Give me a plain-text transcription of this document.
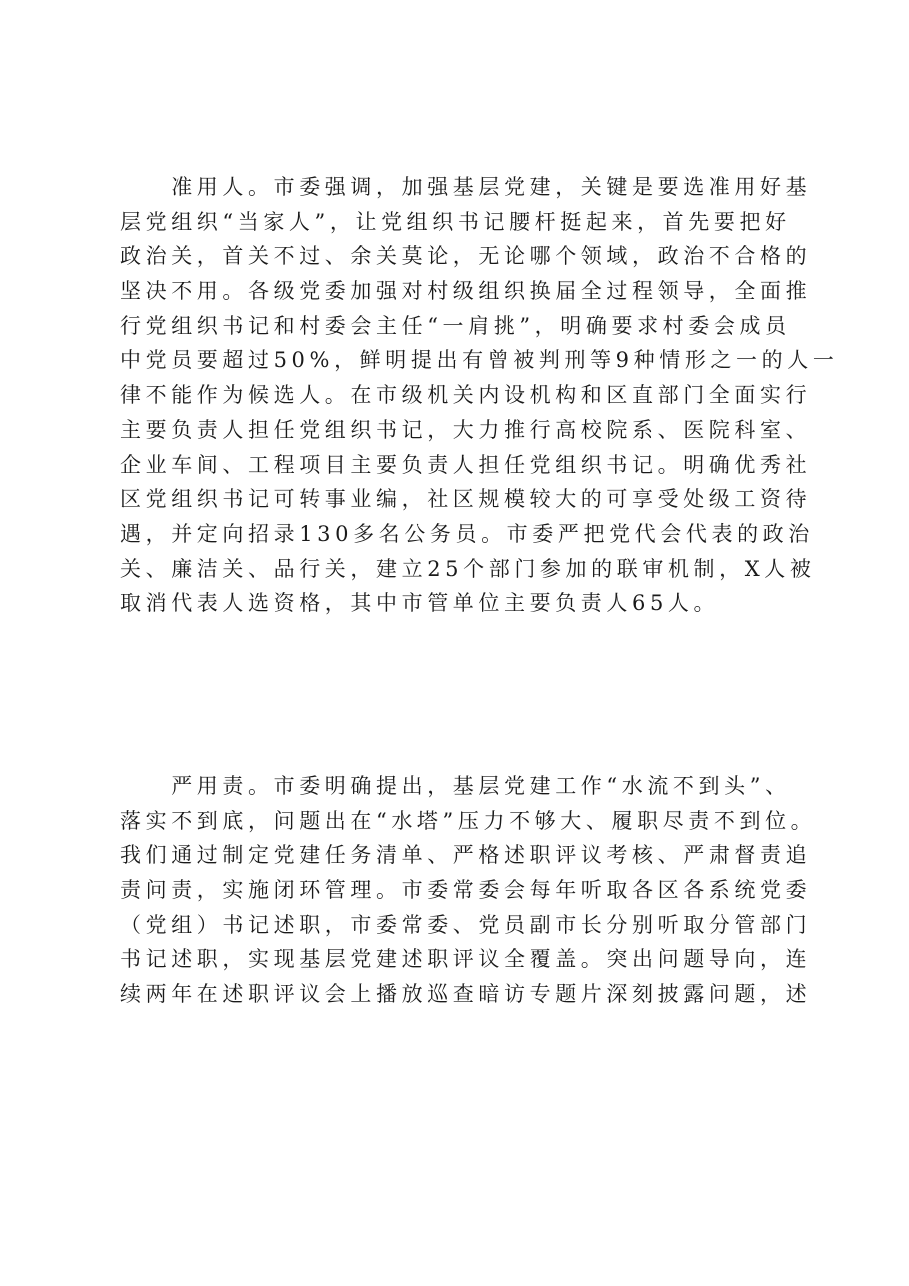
　　准用人。市委强调，加强基层党建，关键是要选准用好基
层党组织“当家人”，让党组织书记腰杆挺起来，首先要把好
政治关，首关不过、余关莫论，无论哪个领域，政治不合格的
坚决不用。各级党委加强对村级组织换届全过程领导，全面推
行党组织书记和村委会主任“一肩挑”，明确要求村委会成员
中党员要超过50%，鲜明提出有曾被判刑等9种情形之一的人一
律不能作为候选人。在市级机关内设机构和区直部门全面实行
主要负责人担任党组织书记，大力推行高校院系、医院科室、
企业车间、工程项目主要负责人担任党组织书记。明确优秀社
区党组织书记可转事业编，社区规模较大的可享受处级工资待
遇，并定向招录130多名公务员。市委严把党代会代表的政治
关、廉洁关、品行关，建立25个部门参加的联审机制，X人被
取消代表人选资格，其中市管单位主要负责人65人。
　　严用责。市委明确提出，基层党建工作“水流不到头”、
落实不到底，问题出在“水塔”压力不够大、履职尽责不到位。
我们通过制定党建任务清单、严格述职评议考核、严肃督责追
责问责，实施闭环管理。市委常委会每年听取各区各系统党委
（党组）书记述职，市委常委、党员副市长分别听取分管部门
书记述职，实现基层党建述职评议全覆盖。突出问题导向，连
续两年在述职评议会上播放巡查暗访专题片深刻披露问题，述
